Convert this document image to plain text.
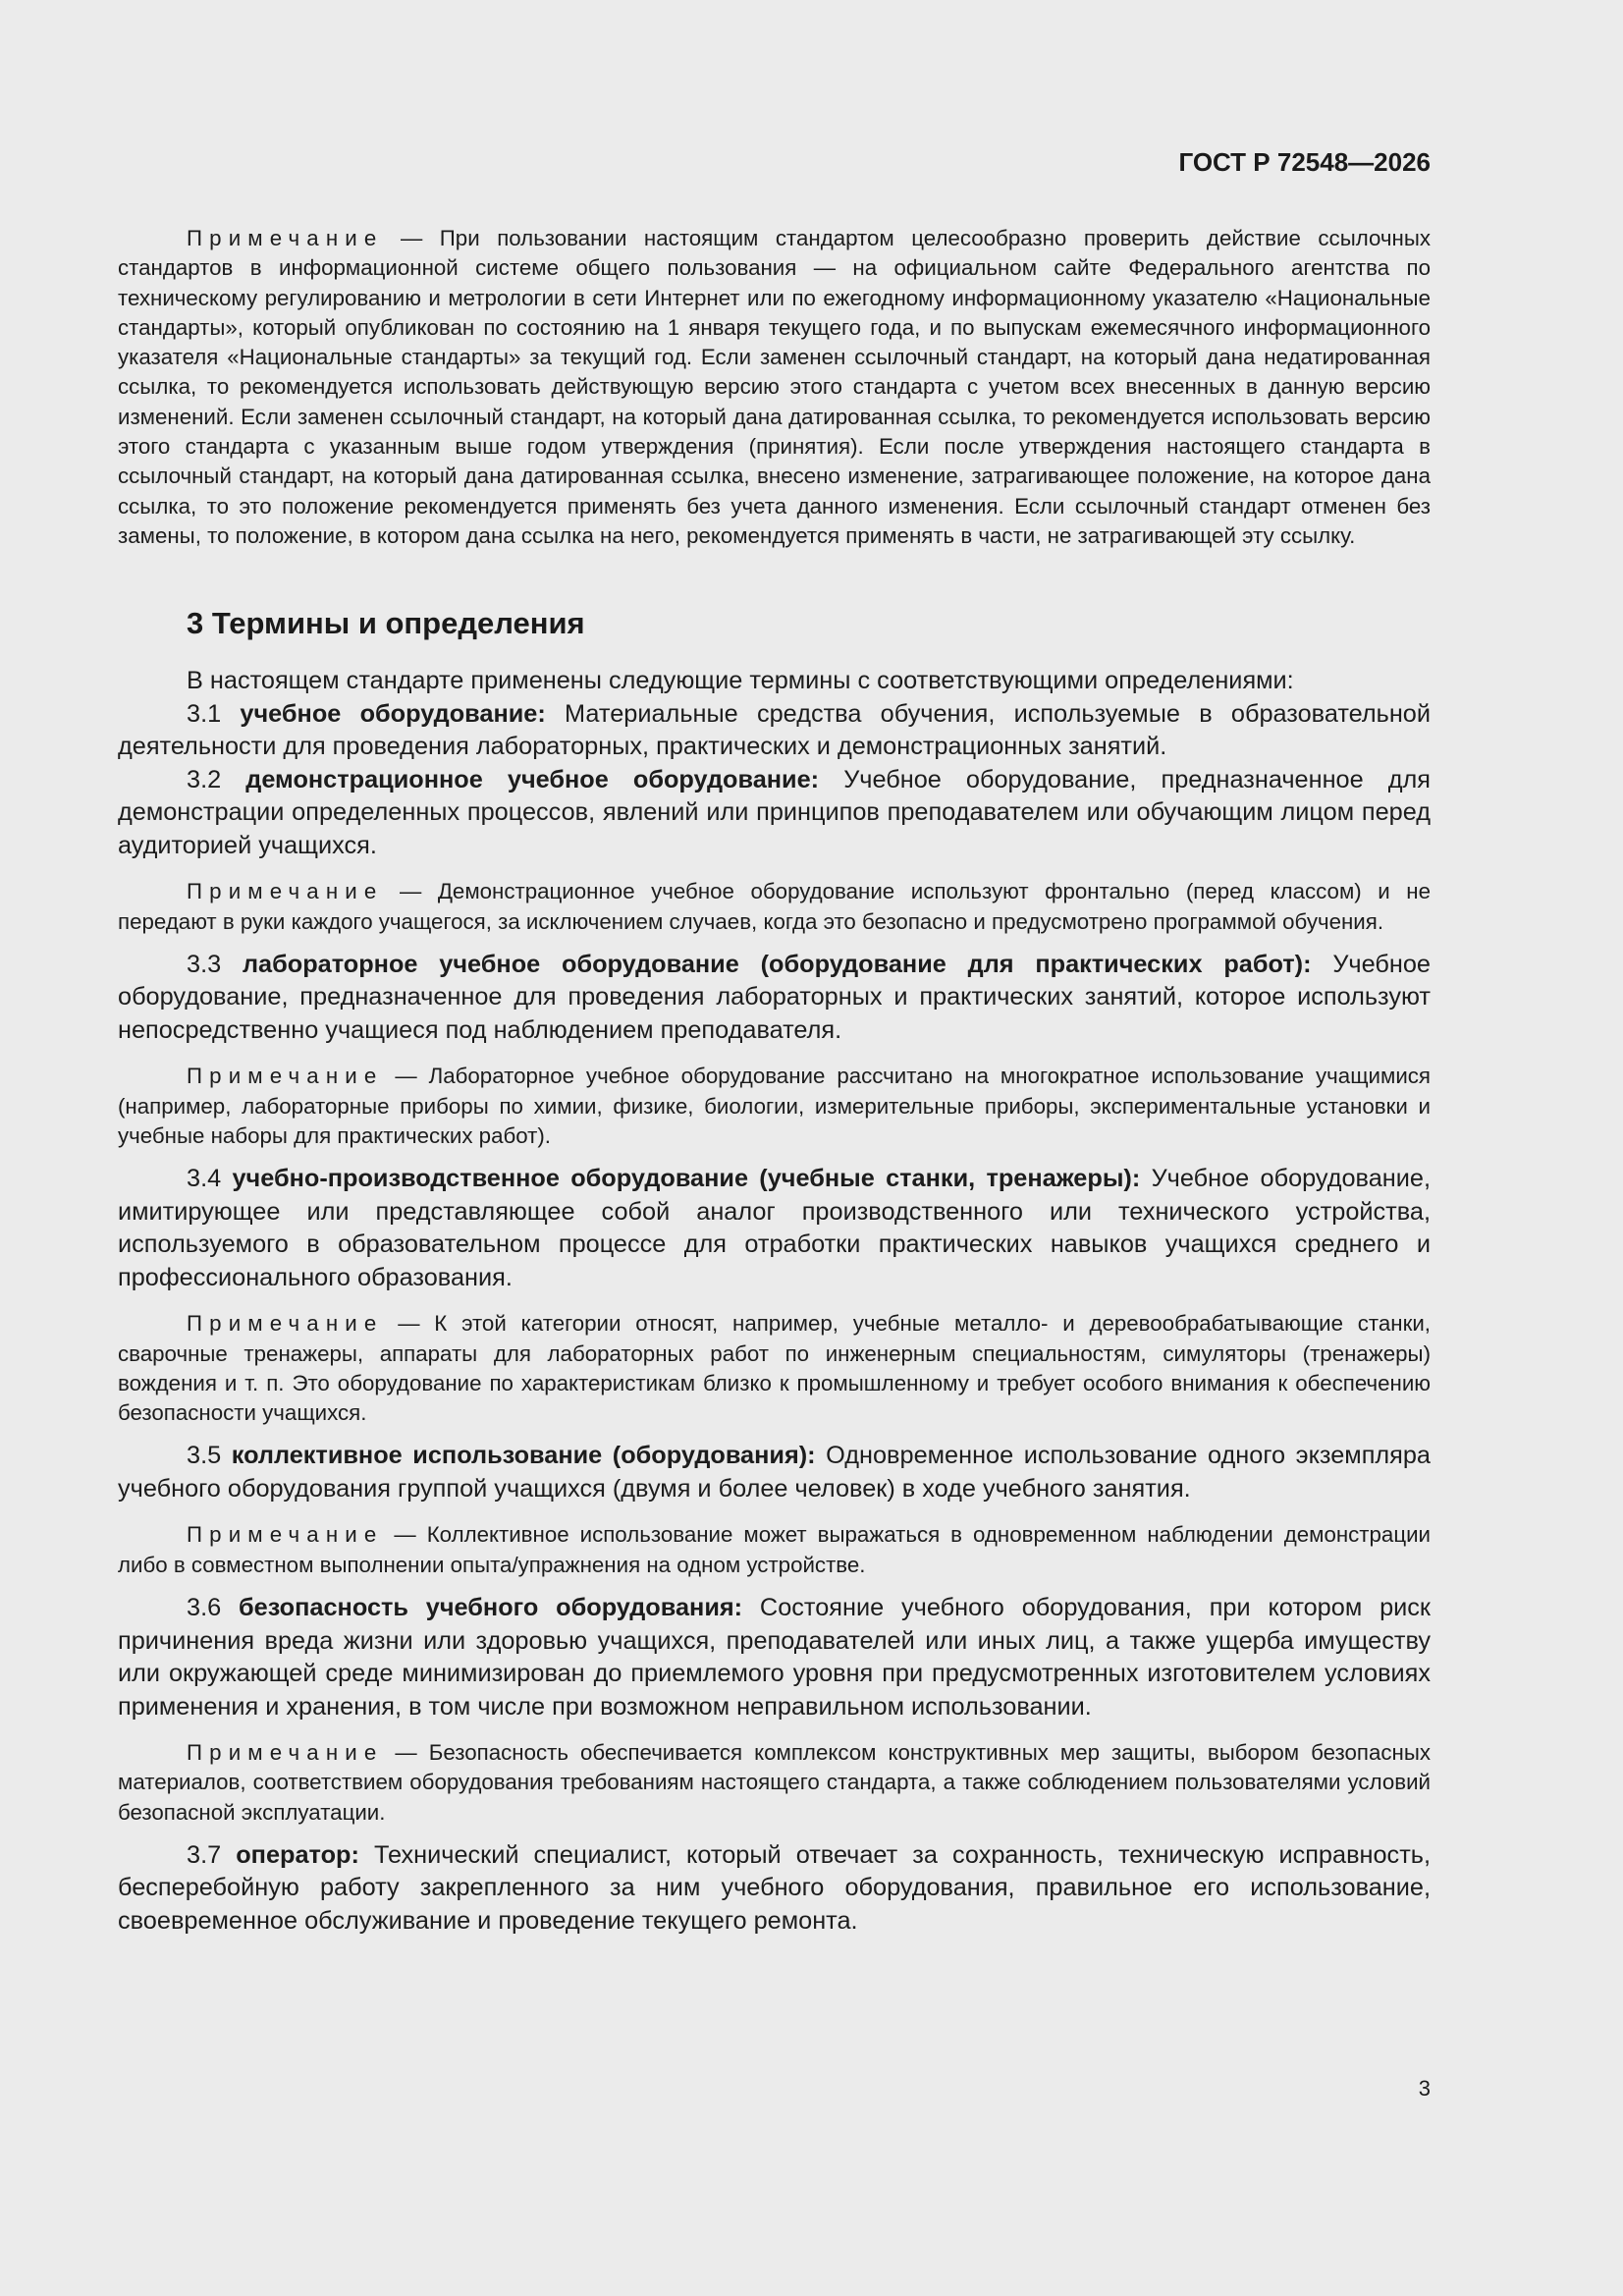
ГОСТ Р 72548—2026

Примечание — При пользовании настоящим стандартом целесообразно проверить действие ссылочных стандартов в информационной системе общего пользования — на официальном сайте Федерального агентства по техническому регулированию и метрологии в сети Интернет или по ежегодному информационному указателю «Национальные стандарты», который опубликован по состоянию на 1 января текущего года, и по выпускам ежемесячного информационного указателя «Национальные стандарты» за текущий год. Если заменен ссылочный стандарт, на который дана недатированная ссылка, то рекомендуется использовать действующую версию этого стандарта с учетом всех внесенных в данную версию изменений. Если заменен ссылочный стандарт, на который дана датированная ссылка, то рекомендуется использовать версию этого стандарта с указанным выше годом утверждения (принятия). Если после утверждения настоящего стандарта в ссылочный стандарт, на который дана датированная ссылка, внесено изменение, затрагивающее положение, на которое дана ссылка, то это положение рекомендуется применять без учета данного изменения. Если ссылочный стандарт отменен без замены, то положение, в котором дана ссылка на него, рекомендуется применять в части, не затрагивающей эту ссылку.

3 Термины и определения

В настоящем стандарте применены следующие термины с соответствующими определениями:

3.1 учебное оборудование: Материальные средства обучения, используемые в образовательной деятельности для проведения лабораторных, практических и демонстрационных занятий.

3.2 демонстрационное учебное оборудование: Учебное оборудование, предназначенное для демонстрации определенных процессов, явлений или принципов преподавателем или обучающим лицом перед аудиторией учащихся.

Примечание — Демонстрационное учебное оборудование используют фронтально (перед классом) и не передают в руки каждого учащегося, за исключением случаев, когда это безопасно и предусмотрено программой обучения.

3.3 лабораторное учебное оборудование (оборудование для практических работ): Учебное оборудование, предназначенное для проведения лабораторных и практических занятий, которое используют непосредственно учащиеся под наблюдением преподавателя.

Примечание — Лабораторное учебное оборудование рассчитано на многократное использование учащимися (например, лабораторные приборы по химии, физике, биологии, измерительные приборы, экспериментальные установки и учебные наборы для практических работ).

3.4 учебно-производственное оборудование (учебные станки, тренажеры): Учебное оборудование, имитирующее или представляющее собой аналог производственного или технического устройства, используемого в образовательном процессе для отработки практических навыков учащихся среднего и профессионального образования.

Примечание — К этой категории относят, например, учебные металло- и деревообрабатывающие станки, сварочные тренажеры, аппараты для лабораторных работ по инженерным специальностям, симуляторы (тренажеры) вождения и т. п. Это оборудование по характеристикам близко к промышленному и требует особого внимания к обеспечению безопасности учащихся.

3.5 коллективное использование (оборудования): Одновременное использование одного экземпляра учебного оборудования группой учащихся (двумя и более человек) в ходе учебного занятия.

Примечание — Коллективное использование может выражаться в одновременном наблюдении демонстрации либо в совместном выполнении опыта/упражнения на одном устройстве.

3.6 безопасность учебного оборудования: Состояние учебного оборудования, при котором риск причинения вреда жизни или здоровью учащихся, преподавателей или иных лиц, а также ущерба имуществу или окружающей среде минимизирован до приемлемого уровня при предусмотренных изготовителем условиях применения и хранения, в том числе при возможном неправильном использовании.

Примечание — Безопасность обеспечивается комплексом конструктивных мер защиты, выбором безопасных материалов, соответствием оборудования требованиям настоящего стандарта, а также соблюдением пользователями условий безопасной эксплуатации.

3.7 оператор: Технический специалист, который отвечает за сохранность, техническую исправность, бесперебойную работу закрепленного за ним учебного оборудования, правильное его использование, своевременное обслуживание и проведение текущего ремонта.

3
